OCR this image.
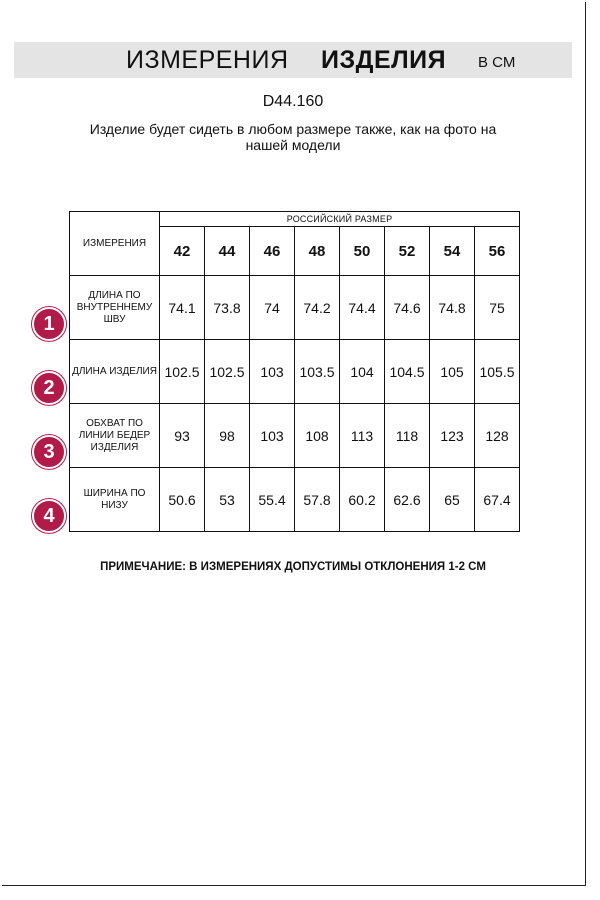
ИЗМЕРЕНИЯ ИЗДЕЛИЯ В СМ
D44.160
Изделие будет сидеть в любом размере также, как на фото на нашей модели
ИЗМЕРЕНИЯ	РОССИЙСКИЙ РАЗМЕР							
	42	44	46	48	50	52	54	56
ДЛИНА ПО ВНУТРЕННЕМУ ШВУ	74.1	73.8	74	74.2	74.4	74.6	74.8	75
ДЛИНА ИЗДЕЛИЯ	102.5	102.5	103	103.5	104	104.5	105	105.5
ОБХВАТ ПО ЛИНИИ БЕДЕР ИЗДЕЛИЯ	93	98	103	108	113	118	123	128
ШИРИНА ПО НИЗУ	50.6	53	55.4	57.8	60.2	62.6	65	67.4
1
2
3
4
ПРИМЕЧАНИЕ: В ИЗМЕРЕНИЯХ ДОПУСТИМЫ ОТКЛОНЕНИЯ 1-2 СМ
